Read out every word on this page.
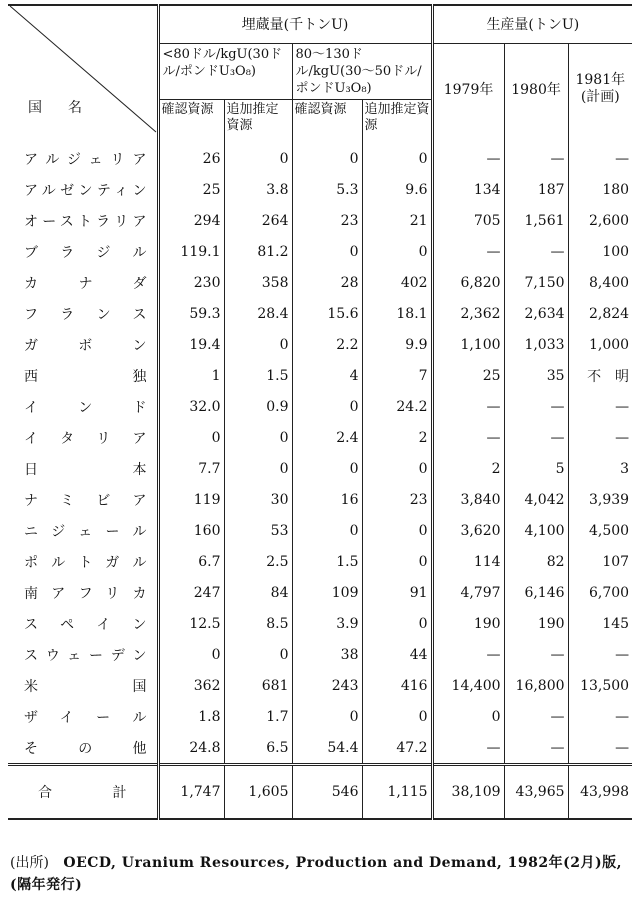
国　名	埋蔵量(千トンU)				生産量(トンU)		
	<80ドル/kgU(30ドル/ポンドU₃O₈)		80～130ドル/kgU(30～50ドル/ポンドU₃O₈)		1979年	1980年	1981年(計画)
	確認資源	追加推定資源	確認資源	追加推定資源			
アルジェリア	26	0	0	0	—	—	—
アルゼンティン	25	3.8	5.3	9.6	134	187	180
オーストラリア	294	264	23	21	705	1,561	2,600
ブラジル	119.1	81.2	0	0	—	—	100
カナダ	230	358	28	402	6,820	7,150	8,400
フランス	59.3	28.4	15.6	18.1	2,362	2,634	2,824
ガボン	19.4	0	2.2	9.9	1,100	1,033	1,000
西独	1	1.5	4	7	25	35	不　明
インド	32.0	0.9	0	24.2	—	—	—
イタリア	0	0	2.4	2	—	—	—
日本	7.7	0	0	0	2	5	3
ナミビア	119	30	16	23	3,840	4,042	3,939
ニジェール	160	53	0	0	3,620	4,100	4,500
ポルトガル	6.7	2.5	1.5	0	114	82	107
南アフリカ	247	84	109	91	4,797	6,146	6,700
スペイン	12.5	8.5	3.9	0	190	190	145
スウェーデン	0	0	38	44	—	—	—
米国	362	681	243	416	14,400	16,800	13,500
ザイール	1.8	1.7	0	0	0	—	—
その他	24.8	6.5	54.4	47.2	—	—	—
合　　計	1,747	1,605	546	1,115	38,109	43,965	43,998
(出所) OECD, Uranium Resources, Production and Demand, 1982年(2月)版,(隔年発行)
